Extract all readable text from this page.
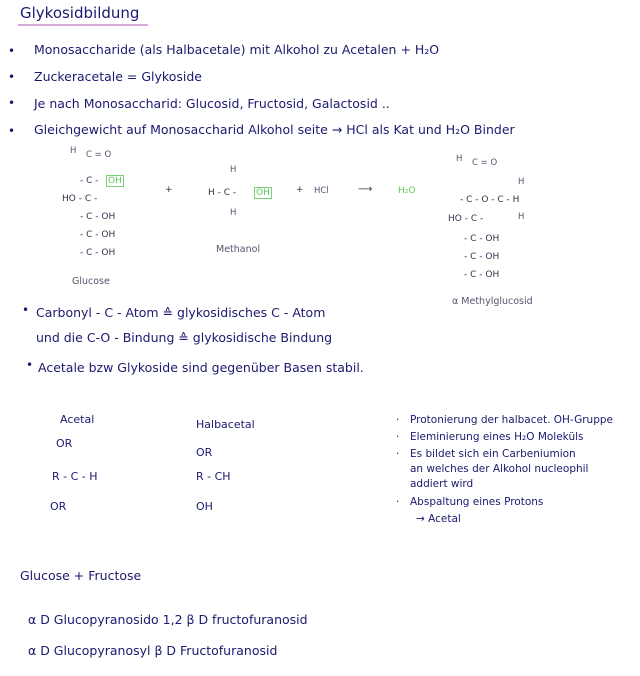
Glykosidbildung
• Monosaccharide (als Halbacetale) mit Alkohol zu Acetalen + H₂O
• Zuckeracetale = Glykoside
• Je nach Monosaccharid: Glucosid, Fructosid, Galactosid ..
• Gleichgewicht auf Monosaccharid Alkohol seite → HCl als Kat und H₂O Binder
H C = O
- C - OH
HO - C -
- C - OH
- C - OH
- C - OH
Glucose
+
H
H - C - OH
H
Methanol
+ HCl	⟶	H₂O
H C = O
H
- C - O - C - H
H
HO - C -
- C - OH
- C - OH
- C - OH
α Methylglucosid
• Carbonyl - C - Atom ≙ glykosidisches C - Atom
und die C-O - Bindung ≙ glykosidische Bindung
• Acetale bzw Glykoside sind gegenüber Basen stabil.
Acetal
OR
R - C - H
OR
Halbacetal
OR
R - CH
OH
· Protonierung der halbacet. OH-Gruppe
· Eleminierung eines H₂O Moleküls
· Es bildet sich ein Carbeniumion
an welches der Alkohol nucleophil
addiert wird
· Abspaltung eines Protons
→ Acetal
Glucose + Fructose
α D Glucopyranosido 1,2 β D fructofuranosid
α D Glucopyranosyl β D Fructofuranosid
